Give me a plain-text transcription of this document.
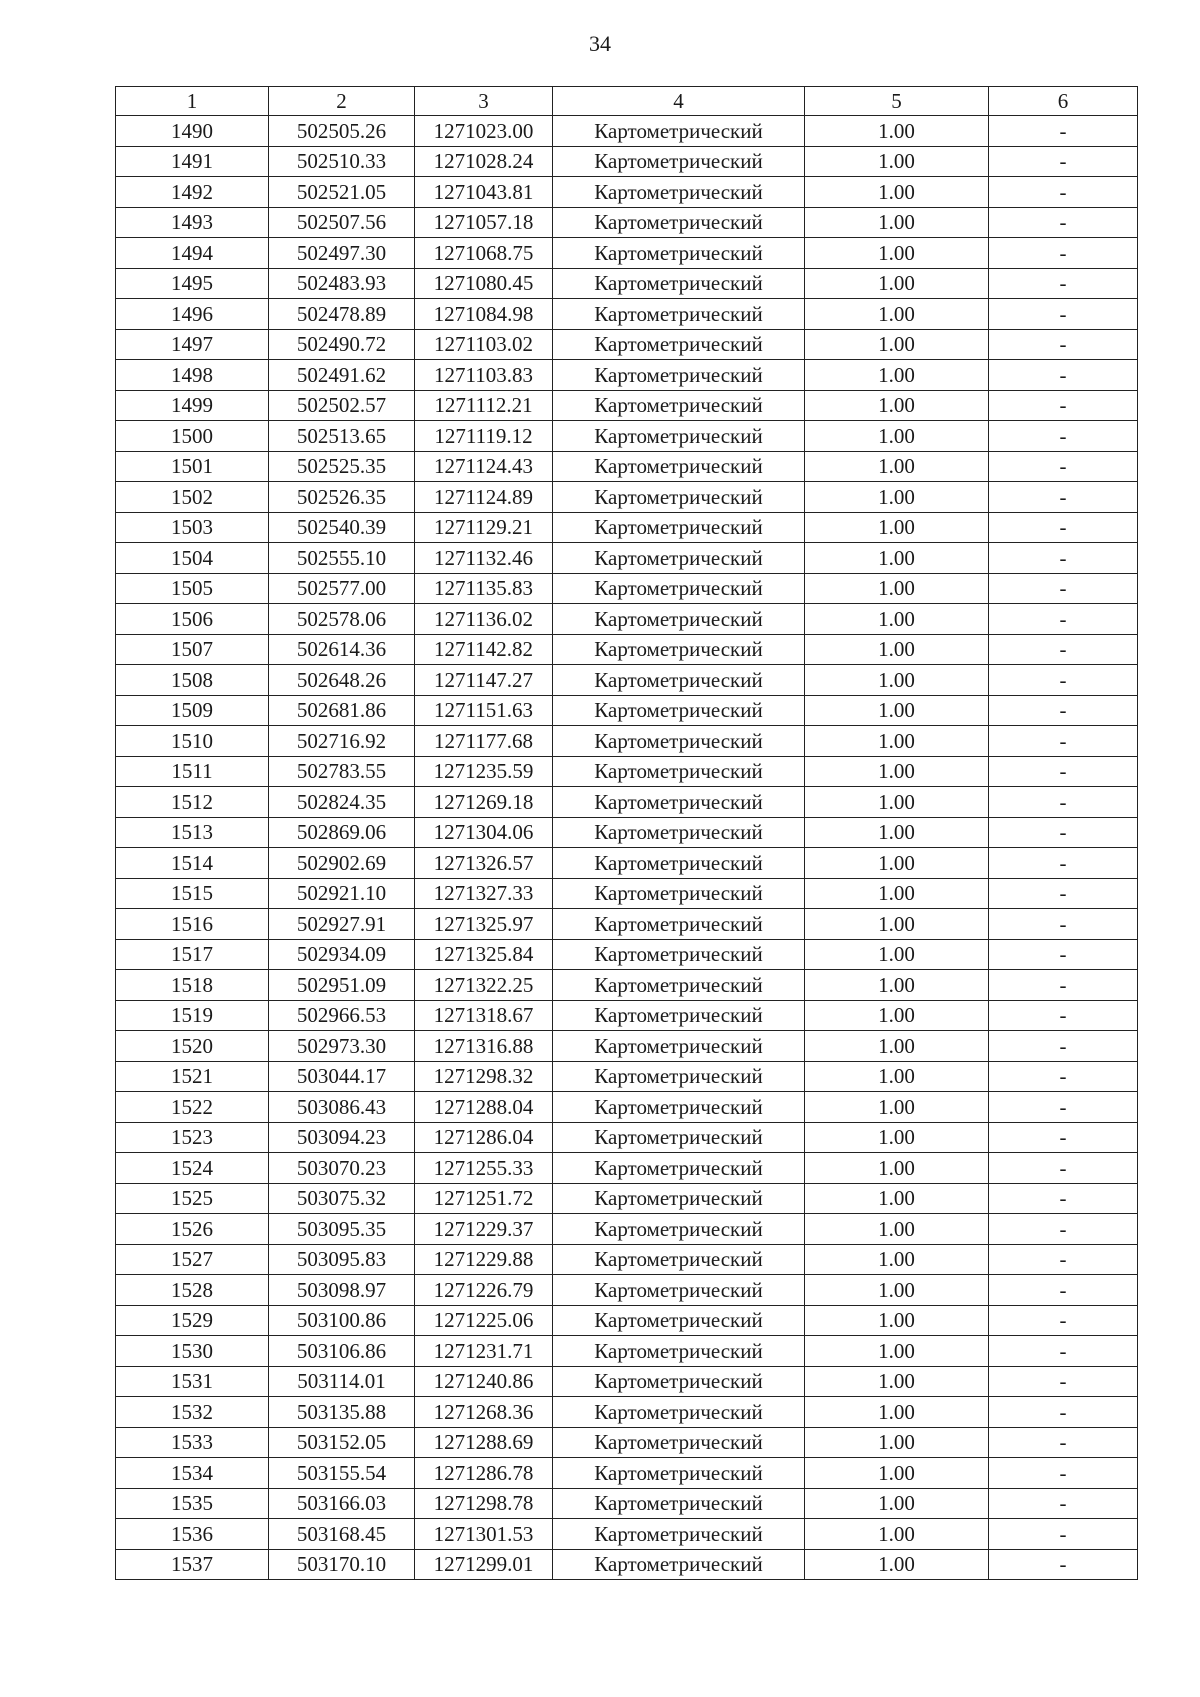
34
1	2	3	4	5	6
1490	502505.26	1271023.00	Картометрический	1.00	-
1491	502510.33	1271028.24	Картометрический	1.00	-
1492	502521.05	1271043.81	Картометрический	1.00	-
1493	502507.56	1271057.18	Картометрический	1.00	-
1494	502497.30	1271068.75	Картометрический	1.00	-
1495	502483.93	1271080.45	Картометрический	1.00	-
1496	502478.89	1271084.98	Картометрический	1.00	-
1497	502490.72	1271103.02	Картометрический	1.00	-
1498	502491.62	1271103.83	Картометрический	1.00	-
1499	502502.57	1271112.21	Картометрический	1.00	-
1500	502513.65	1271119.12	Картометрический	1.00	-
1501	502525.35	1271124.43	Картометрический	1.00	-
1502	502526.35	1271124.89	Картометрический	1.00	-
1503	502540.39	1271129.21	Картометрический	1.00	-
1504	502555.10	1271132.46	Картометрический	1.00	-
1505	502577.00	1271135.83	Картометрический	1.00	-
1506	502578.06	1271136.02	Картометрический	1.00	-
1507	502614.36	1271142.82	Картометрический	1.00	-
1508	502648.26	1271147.27	Картометрический	1.00	-
1509	502681.86	1271151.63	Картометрический	1.00	-
1510	502716.92	1271177.68	Картометрический	1.00	-
1511	502783.55	1271235.59	Картометрический	1.00	-
1512	502824.35	1271269.18	Картометрический	1.00	-
1513	502869.06	1271304.06	Картометрический	1.00	-
1514	502902.69	1271326.57	Картометрический	1.00	-
1515	502921.10	1271327.33	Картометрический	1.00	-
1516	502927.91	1271325.97	Картометрический	1.00	-
1517	502934.09	1271325.84	Картометрический	1.00	-
1518	502951.09	1271322.25	Картометрический	1.00	-
1519	502966.53	1271318.67	Картометрический	1.00	-
1520	502973.30	1271316.88	Картометрический	1.00	-
1521	503044.17	1271298.32	Картометрический	1.00	-
1522	503086.43	1271288.04	Картометрический	1.00	-
1523	503094.23	1271286.04	Картометрический	1.00	-
1524	503070.23	1271255.33	Картометрический	1.00	-
1525	503075.32	1271251.72	Картометрический	1.00	-
1526	503095.35	1271229.37	Картометрический	1.00	-
1527	503095.83	1271229.88	Картометрический	1.00	-
1528	503098.97	1271226.79	Картометрический	1.00	-
1529	503100.86	1271225.06	Картометрический	1.00	-
1530	503106.86	1271231.71	Картометрический	1.00	-
1531	503114.01	1271240.86	Картометрический	1.00	-
1532	503135.88	1271268.36	Картометрический	1.00	-
1533	503152.05	1271288.69	Картометрический	1.00	-
1534	503155.54	1271286.78	Картометрический	1.00	-
1535	503166.03	1271298.78	Картометрический	1.00	-
1536	503168.45	1271301.53	Картометрический	1.00	-
1537	503170.10	1271299.01	Картометрический	1.00	-
